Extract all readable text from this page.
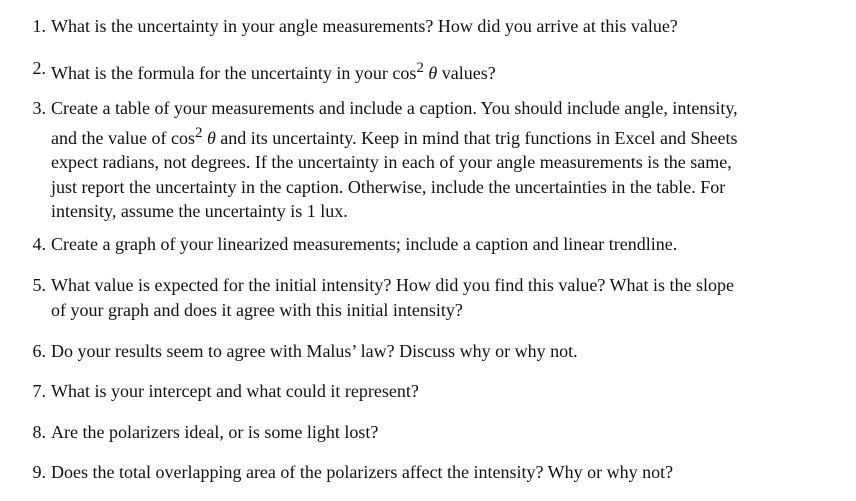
1. What is the uncertainty in your angle measurements? How did you arrive at this value?
2. What is the formula for the uncertainty in your $\cos^2 \theta$ values?
3. Create a table of your measurements and include a caption. You should include angle, intensity,
and the value of $\cos^2 \theta$ and its uncertainty. Keep in mind that trig functions in Excel and Sheets
expect radians, not degrees. If the uncertainty in each of your angle measurements is the same,
just report the uncertainty in the caption. Otherwise, include the uncertainties in the table. For
intensity, assume the uncertainty is 1 lux.
4. Create a graph of your linearized measurements; include a caption and linear trendline.
5. What value is expected for the initial intensity? How did you find this value? What is the slope
of your graph and does it agree with this initial intensity?
6. Do your results seem to agree with Malus’ law? Discuss why or why not.
7. What is your intercept and what could it represent?
8. Are the polarizers ideal, or is some light lost?
9. Does the total overlapping area of the polarizers affect the intensity? Why or why not?
